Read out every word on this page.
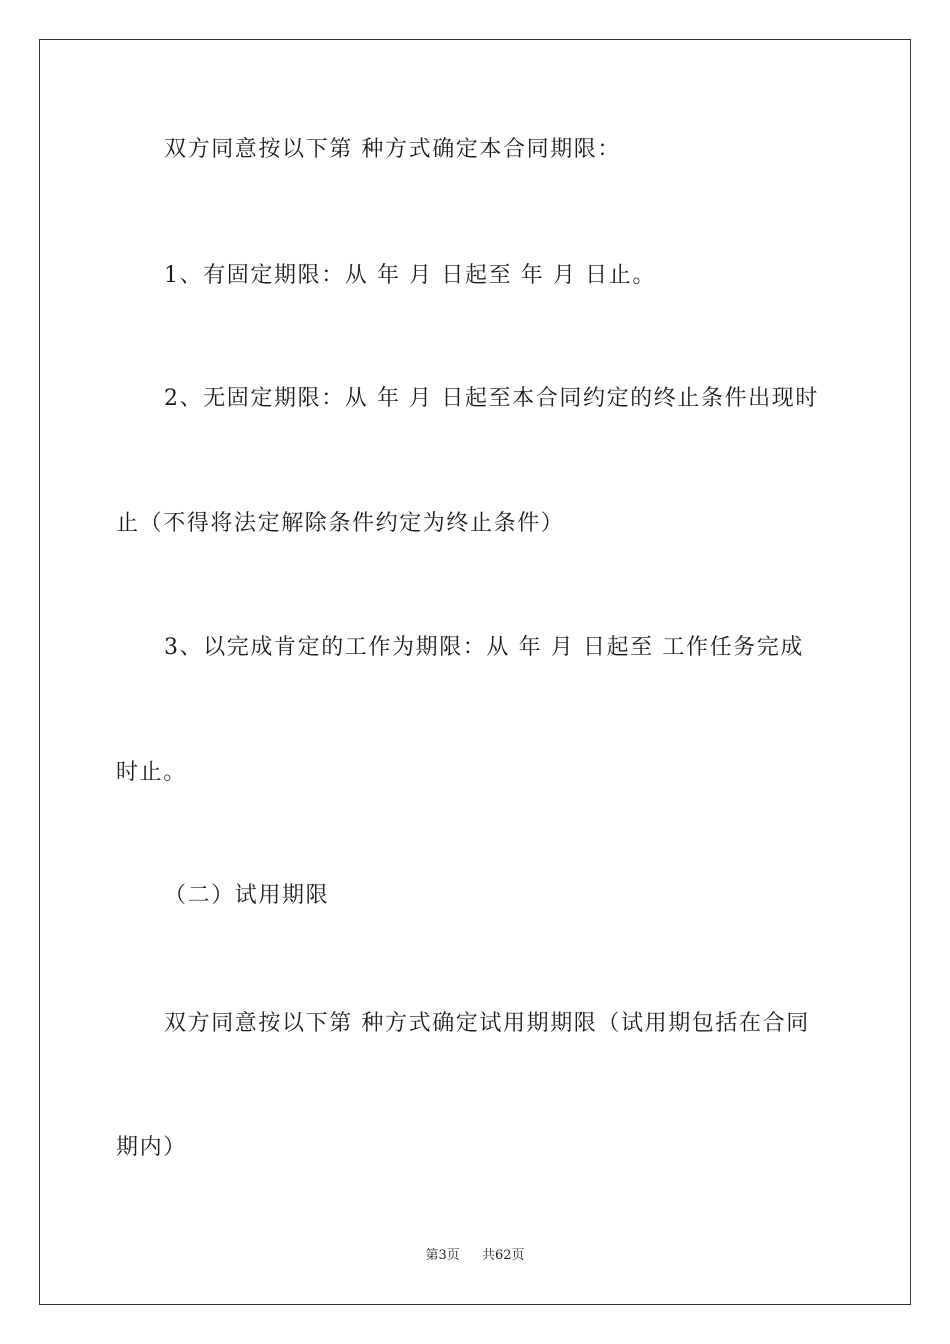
双方同意按以下第 种方式确定本合同期限：
1、有固定期限：从 年 月 日起至 年 月 日止。
2、无固定期限：从 年 月 日起至本合同约定的终止条件出现时
止（不得将法定解除条件约定为终止条件）
3、以完成肯定的工作为期限：从 年 月 日起至 工作任务完成
时止。
（二）试用期限
双方同意按以下第 种方式确定试用期期限（试用期包括在合同
期内）
第3页 共62页
